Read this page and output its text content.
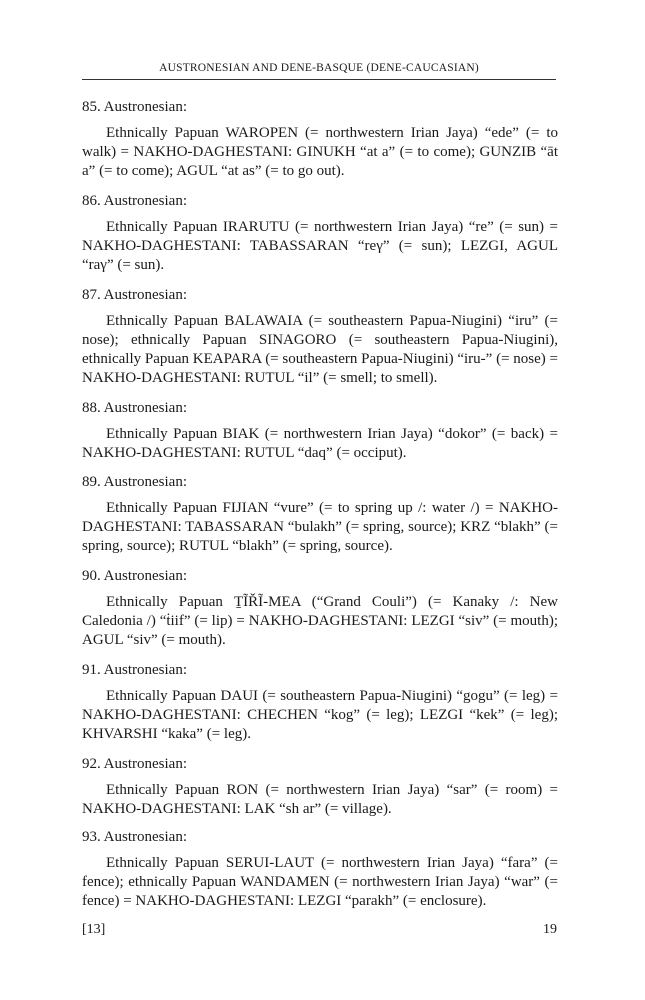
AUSTRONESIAN AND DENE-BASQUE (DENE-CAUCASIAN)

85. Austronesian:

Ethnically Papuan WAROPEN (= northwestern Irian Jaya) “ede” (= to walk) = NAKHO-DAGHESTANI: GINUKH “at a” (= to come); GUNZIB “āt a” (= to come); AGUL “at as” (= to go out).

86. Austronesian:

Ethnically Papuan IRARUTU (= northwestern Irian Jaya) “re” (= sun) = NAKHO-DAGHESTANI: TABASSARAN “reγ” (= sun); LEZGI, AGUL “raγ” (= sun).

87. Austronesian:

Ethnically Papuan BALAWAIA (= southeastern Papua-Niugini) “iru” (= nose); ethnically Papuan SINAGORO (= southeastern Papua-Niugini), ethnically Papuan KEAPARA (= southeastern Papua-Niugini) “iru-” (= nose) = NAKHO-DAGHESTANI: RUTUL “il” (= smell; to smell).

88. Austronesian:

Ethnically Papuan BIAK (= northwestern Irian Jaya) “dokor” (= back) = NAKHO-DAGHESTANI: RUTUL “daq” (= occiput).

89. Austronesian:

Ethnically Papuan FIJIAN “vure” (= to spring up /: water /) = NAKHO-DAGHESTANI: TABASSARAN “bulakh” (= spring, source); KRZ “blakh” (= spring, source); RUTUL “blakh” (= spring, source).

90. Austronesian:

Ethnically Papuan ṮĨŘĨ-MEA (“Grand Couli”) (= Kanaky /: New Caledonia /) “ṫiif” (= lip) = NAKHO-DAGHESTANI: LEZGI “siv” (= mouth); AGUL “siv” (= mouth).

91. Austronesian:

Ethnically Papuan DAUI (= southeastern Papua-Niugini) “gogu” (= leg) = NAKHO-DAGHESTANI: CHECHEN “kog” (= leg); LEZGI “kek” (= leg); KHVARSHI “kaka” (= leg).

92. Austronesian:

Ethnically Papuan RON (= northwestern Irian Jaya) “sar” (= room) = NAKHO-DAGHESTANI: LAK “sh ar” (= village).

93. Austronesian:

Ethnically Papuan SERUI-LAUT (= northwestern Irian Jaya) “fara” (= fence); ethnically Papuan WANDAMEN (= northwestern Irian Jaya) “war” (= fence) = NAKHO-DAGHESTANI: LEZGI “parakh” (= enclosure).

[13]	19
